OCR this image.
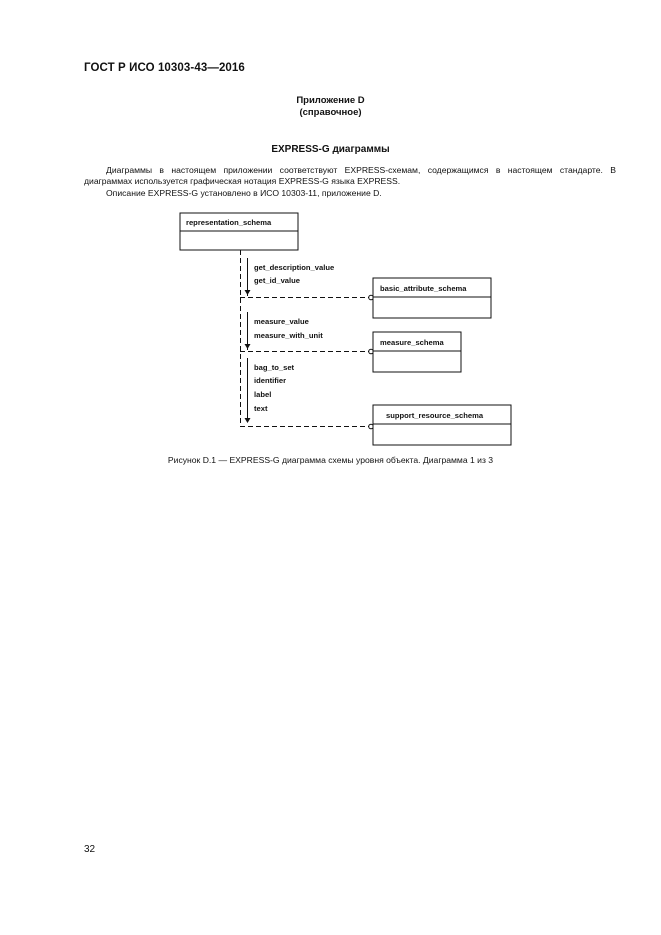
ГОСТ Р ИСО 10303-43—2016
Приложение D
(справочное)
EXPRESS-G диаграммы
Диаграммы в настоящем приложении соответствуют EXPRESS-схемам, содержащимся в настоящем стандарте. В диаграммах используется графическая нотация EXPRESS-G языка EXPRESS.
Описание EXPRESS-G установлено в ИСО 10303-11, приложение D.
representation_schema
basic_attribute_schema
measure_schema
support_resource_schema
get_description_value
get_id_value
measure_value
measure_with_unit
bag_to_set
identifier
label
text
Рисунок D.1 — EXPRESS-G диаграмма схемы уровня объекта. Диаграмма 1 из 3
32
